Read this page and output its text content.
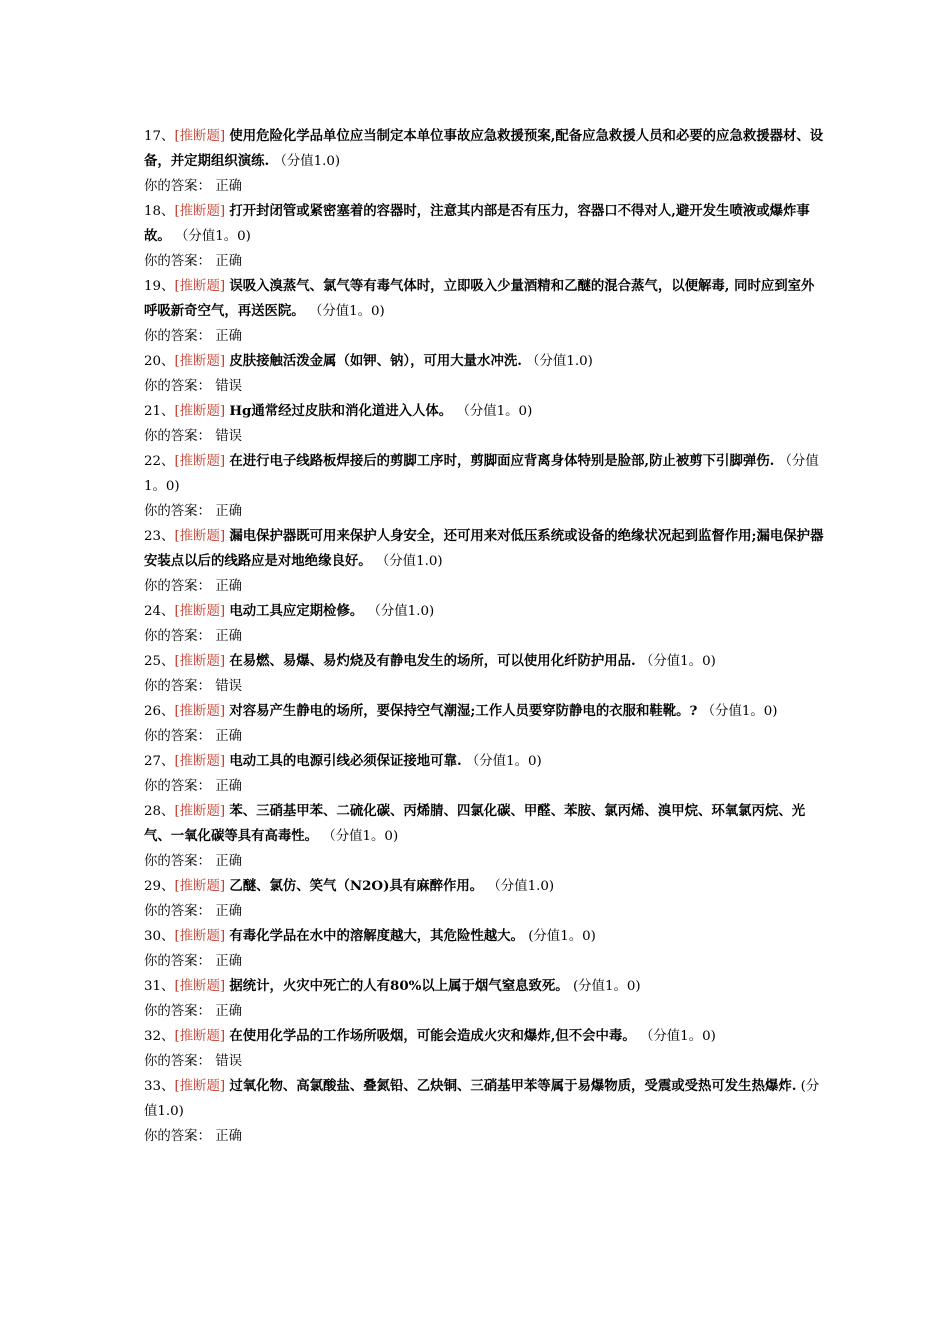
17、[推断题] 使用危险化学品单位应当制定本单位事故应急救援预案,配备应急救援人员和必要的应急救援器材、设备，并定期组织演练. （分值1.0)
你的答案： 正确
18、[推断题] 打开封闭管或紧密塞着的容器时，注意其内部是否有压力，容器口不得对人,避开发生喷液或爆炸事故。 （分值1。0)
你的答案： 正确
19、[推断题] 误吸入溴蒸气、氯气等有毒气体时，立即吸入少量酒精和乙醚的混合蒸气，以便解毒, 同时应到室外呼吸新奇空气，再送医院。 （分值1。0)
你的答案： 正确
20、[推断题] 皮肤接触活泼金属（如钾、钠），可用大量水冲洗. （分值1.0)
你的答案： 错误
21、[推断题] Hg通常经过皮肤和消化道进入人体。 （分值1。0)
你的答案： 错误
22、[推断题] 在进行电子线路板焊接后的剪脚工序时，剪脚面应背离身体特别是脸部,防止被剪下引脚弹伤. （分值1。0)
你的答案： 正确
23、[推断题] 漏电保护器既可用来保护人身安全，还可用来对低压系统或设备的绝缘状况起到监督作用;漏电保护器安装点以后的线路应是对地绝缘良好。 （分值1.0)
你的答案： 正确
24、[推断题] 电动工具应定期检修。 （分值1.0)
你的答案： 正确
25、[推断题] 在易燃、易爆、易灼烧及有静电发生的场所，可以使用化纤防护用品. （分值1。0)
你的答案： 错误
26、[推断题] 对容易产生静电的场所，要保持空气潮湿;工作人员要穿防静电的衣服和鞋靴。? （分值1。0)
你的答案： 正确
27、[推断题] 电动工具的电源引线必须保证接地可靠. （分值1。0)
你的答案： 正确
28、[推断题] 苯、三硝基甲苯、二硫化碳、丙烯腈、四氯化碳、甲醛、苯胺、氯丙烯、溴甲烷、环氧氯丙烷、光气、一氧化碳等具有高毒性。 （分值1。0)
你的答案： 正确
29、[推断题] 乙醚、氯仿、笑气（N2O)具有麻醉作用。 （分值1.0)
你的答案： 正确
30、[推断题] 有毒化学品在水中的溶解度越大，其危险性越大。 (分值1。0)
你的答案： 正确
31、[推断题] 据统计，火灾中死亡的人有80%以上属于烟气窒息致死。 (分值1。0)
你的答案： 正确
32、[推断题] 在使用化学品的工作场所吸烟，可能会造成火灾和爆炸,但不会中毒。 （分值1。0)
你的答案： 错误
33、[推断题] 过氧化物、高氯酸盐、叠氮铅、乙炔铜、三硝基甲苯等属于易爆物质，受震或受热可发生热爆炸. (分值1.0)
你的答案： 正确
